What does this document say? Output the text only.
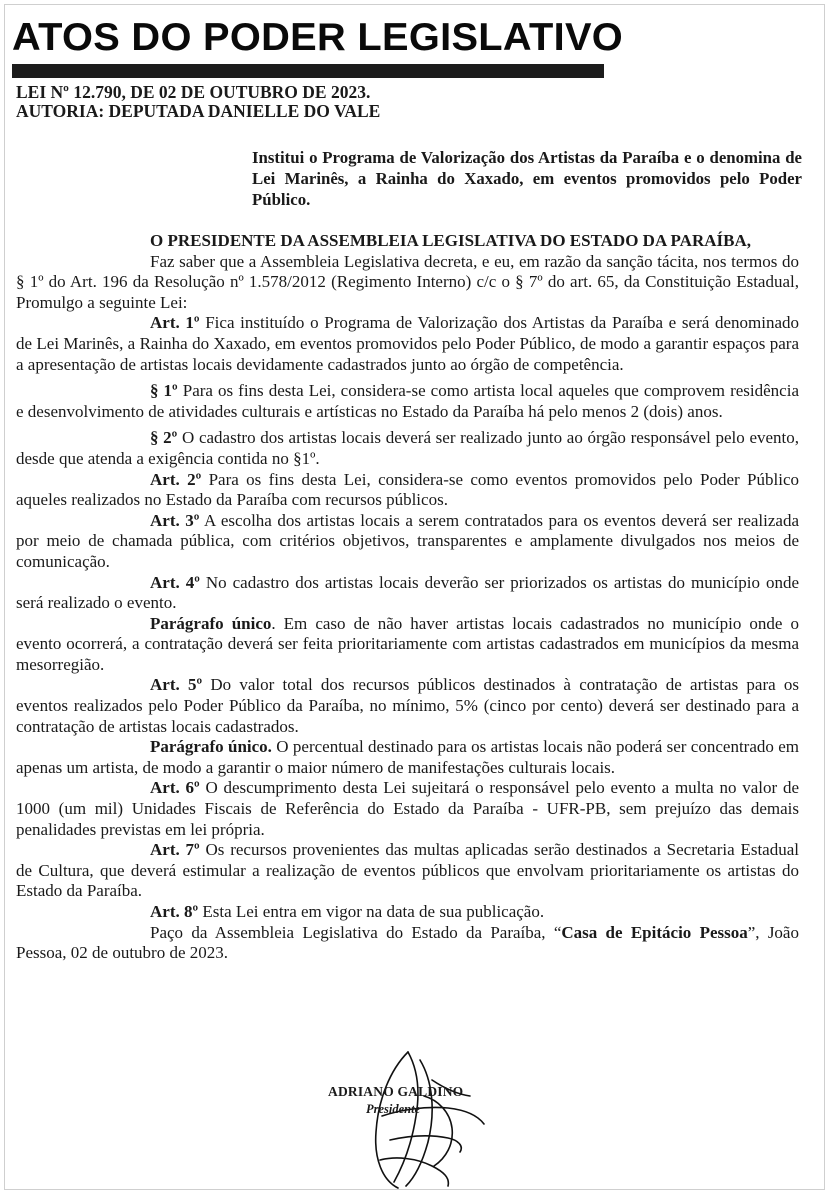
ATOS DO PODER LEGISLATIVO
LEI Nº 12.790, DE 02 DE OUTUBRO DE 2023.
AUTORIA: DEPUTADA DANIELLE DO VALE
Institui o Programa de Valorização dos Artistas da Paraíba e o denomina de Lei Marinês, a Rainha do Xaxado, em eventos promovidos pelo Poder Público.

O PRESIDENTE DA ASSEMBLEIA LEGISLATIVA DO ESTADO DA PARAÍBA,

Faz saber que a Assembleia Legislativa decreta, e eu, em razão da sanção tácita, nos termos do § 1º do Art. 196 da Resolução nº 1.578/2012 (Regimento Interno) c/c o § 7º do art. 65, da Constituição Estadual, Promulgo a seguinte Lei:

Art. 1º Fica instituído o Programa de Valorização dos Artistas da Paraíba e será denominado de Lei Marinês, a Rainha do Xaxado, em eventos promovidos pelo Poder Público, de modo a garantir espaços para a apresentação de artistas locais devidamente cadastrados junto ao órgão de competência.

§ 1º Para os fins desta Lei, considera-se como artista local aqueles que comprovem residência e desenvolvimento de atividades culturais e artísticas no Estado da Paraíba há pelo menos 2 (dois) anos.

§ 2º O cadastro dos artistas locais deverá ser realizado junto ao órgão responsável pelo evento, desde que atenda a exigência contida no §1º.

Art. 2º Para os fins desta Lei, considera-se como eventos promovidos pelo Poder Público aqueles realizados no Estado da Paraíba com recursos públicos.

Art. 3º A escolha dos artistas locais a serem contratados para os eventos deverá ser realizada por meio de chamada pública, com critérios objetivos, transparentes e amplamente divulgados nos meios de comunicação.

Art. 4º No cadastro dos artistas locais deverão ser priorizados os artistas do município onde será realizado o evento.

Parágrafo único. Em caso de não haver artistas locais cadastrados no município onde o evento ocorrerá, a contratação deverá ser feita prioritariamente com artistas cadastrados em municípios da mesma mesorregião.

Art. 5º Do valor total dos recursos públicos destinados à contratação de artistas para os eventos realizados pelo Poder Público da Paraíba, no mínimo, 5% (cinco por cento) deverá ser destinado para a contratação de artistas locais cadastrados.

Parágrafo único. O percentual destinado para os artistas locais não poderá ser concentrado em apenas um artista, de modo a garantir o maior número de manifestações culturais locais.

Art. 6º O descumprimento desta Lei sujeitará o responsável pelo evento a multa no valor de 1000 (um mil) Unidades Fiscais de Referência do Estado da Paraíba - UFR-PB, sem prejuízo das demais penalidades previstas em lei própria.

Art. 7º Os recursos provenientes das multas aplicadas serão destinados a Secretaria Estadual de Cultura, que deverá estimular a realização de eventos públicos que envolvam prioritariamente os artistas do Estado da Paraíba.

Art. 8º Esta Lei entra em vigor na data de sua publicação.

Paço da Assembleia Legislativa do Estado da Paraíba, “Casa de Epitácio Pessoa”, João Pessoa, 02 de outubro de 2023.

ADRIANO GALDINO
Presidente
